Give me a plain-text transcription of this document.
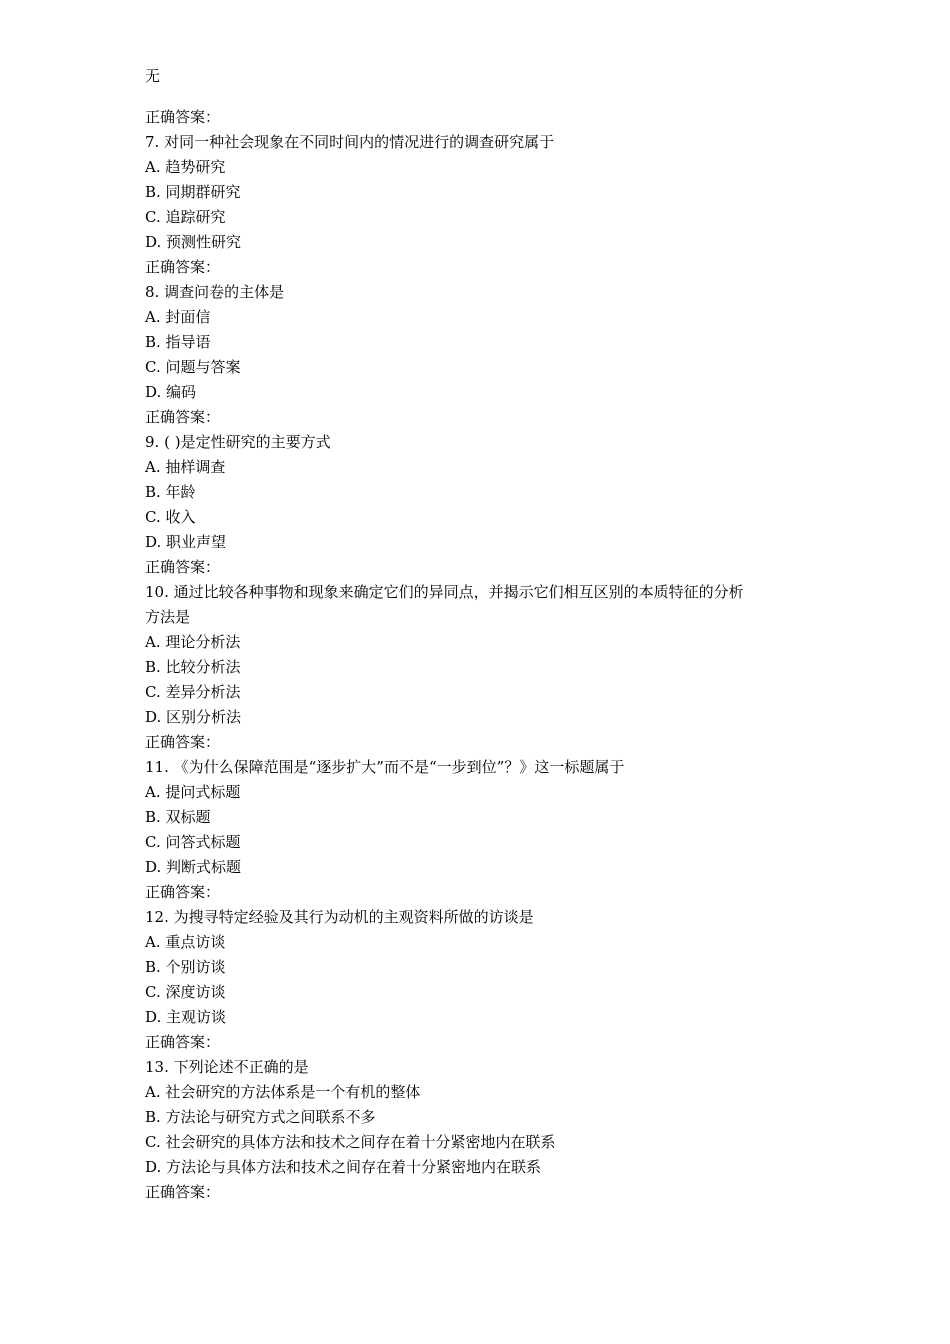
无
正确答案：
7. 对同一种社会现象在不同时间内的情况进行的调查研究属于
A. 趋势研究
B. 同期群研究
C. 追踪研究
D. 预测性研究
正确答案：
8. 调查问卷的主体是
A. 封面信
B. 指导语
C. 问题与答案
D. 编码
正确答案：
9. ( )是定性研究的主要方式
A. 抽样调查
B. 年龄
C. 收入
D. 职业声望
正确答案：
10. 通过比较各种事物和现象来确定它们的异同点，并揭示它们相互区别的本质特征的分析
方法是
A. 理论分析法
B. 比较分析法
C. 差异分析法
D. 区别分析法
正确答案：
11. 《为什么保障范围是“逐步扩大”而不是“一步到位”？》这一标题属于
A. 提问式标题
B. 双标题
C. 问答式标题
D. 判断式标题
正确答案：
12. 为搜寻特定经验及其行为动机的主观资料所做的访谈是
A. 重点访谈
B. 个别访谈
C. 深度访谈
D. 主观访谈
正确答案：
13. 下列论述不正确的是
A. 社会研究的方法体系是一个有机的整体
B. 方法论与研究方式之间联系不多
C. 社会研究的具体方法和技术之间存在着十分紧密地内在联系
D. 方法论与具体方法和技术之间存在着十分紧密地内在联系
正确答案：
